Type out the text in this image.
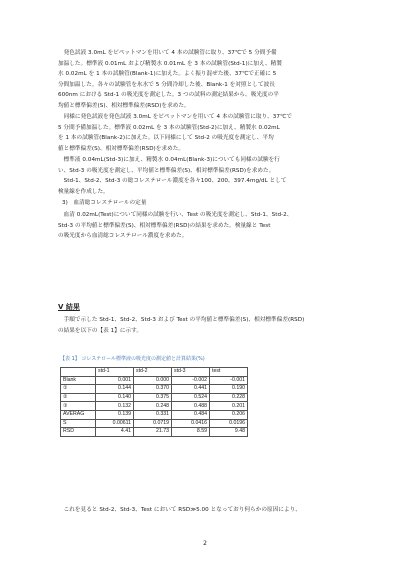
　発色試液 3.0mL をピペットマンを用いて 4 本の試験管に取り、37℃で 5 分間予備
加温した。標準液 0.01mL および精製水 0.01mL を 3 本の試験管(Std-1)に加え、精製
水 0.02mL を 1 本の試験管(Blank-1)に加えた。よく振り混ぜた後、37℃で正確に 5
分間加温した。各々の試験管を氷水で 5 分間冷却した後、Blank-1 を対照として波長
600nm における Std-1 の吸光度を測定した。3 つの試料の測定結果から、吸光度の平
均値と標準偏差(S)、相対標準偏差(RSD)を求めた。
　同様に発色試液を発色試液 3.0mL をピペットマンを用いて 4 本の試験管に取り、37℃で
5 分間予備加温した。標準液 0.02mL を 3 本の試験管(Std-2)に加え、精製水 0.02mL
を 1 本の試験管(Blank-2)に加えた。以下同様にして Std-2 の吸光度を測定し、平均
値と標準偏差(S)、相対標準偏差(RSD)を求めた。
　標準液 0.04mL(Std-3)に加え、精製水 0.04mL(Blank-3)についても同様の試験を行
い、Std-3 の吸光度を測定し、平均値と標準偏差(S)、相対標準偏差(RSD)を求めた。
　Std-1、Std-2、Std-3 の総コレステロール濃度を各々100、200、397.4mg/dL として
検量線を作成した。
3)　血清総コレステロールの定量
　血清 0.02mL(Test)について同様の試験を行い、Test の吸光度を測定し、Std-1、Std-2、
Std-3 の平均値と標準偏差(S)、相対標準偏差(RSD)の結果を求めた。検量線と Test
の吸光度から血清総コレステロール濃度を求めた。
V 結果
　手順で示した Std-1、Std-2、Std-3 および Test の平均値と標準偏差(S)、相対標準偏差(RSD)
の結果を以下の【表 1】に示す。
【表 1】 コレステロール標準液の吸光度の測定値と計算結果(%)
	std-1	std-2	std-3	test
Blank	0.001	0.000	-0.002	-0.001
①	0.144	0.370	0.441	0.190
②	0.140	0.375	0.524	0.228
③	0.132	0.248	0.488	0.201
AVERAG	0.139	0.331	0.484	0.206
S	0.00611	0.0719	0.0416	0.0196
RSD	4.41	21.73	8.59	9.48
　これを見ると Std-2、Std-3、Test において RSD≫5.00 となっており何らかの原因により、
2
